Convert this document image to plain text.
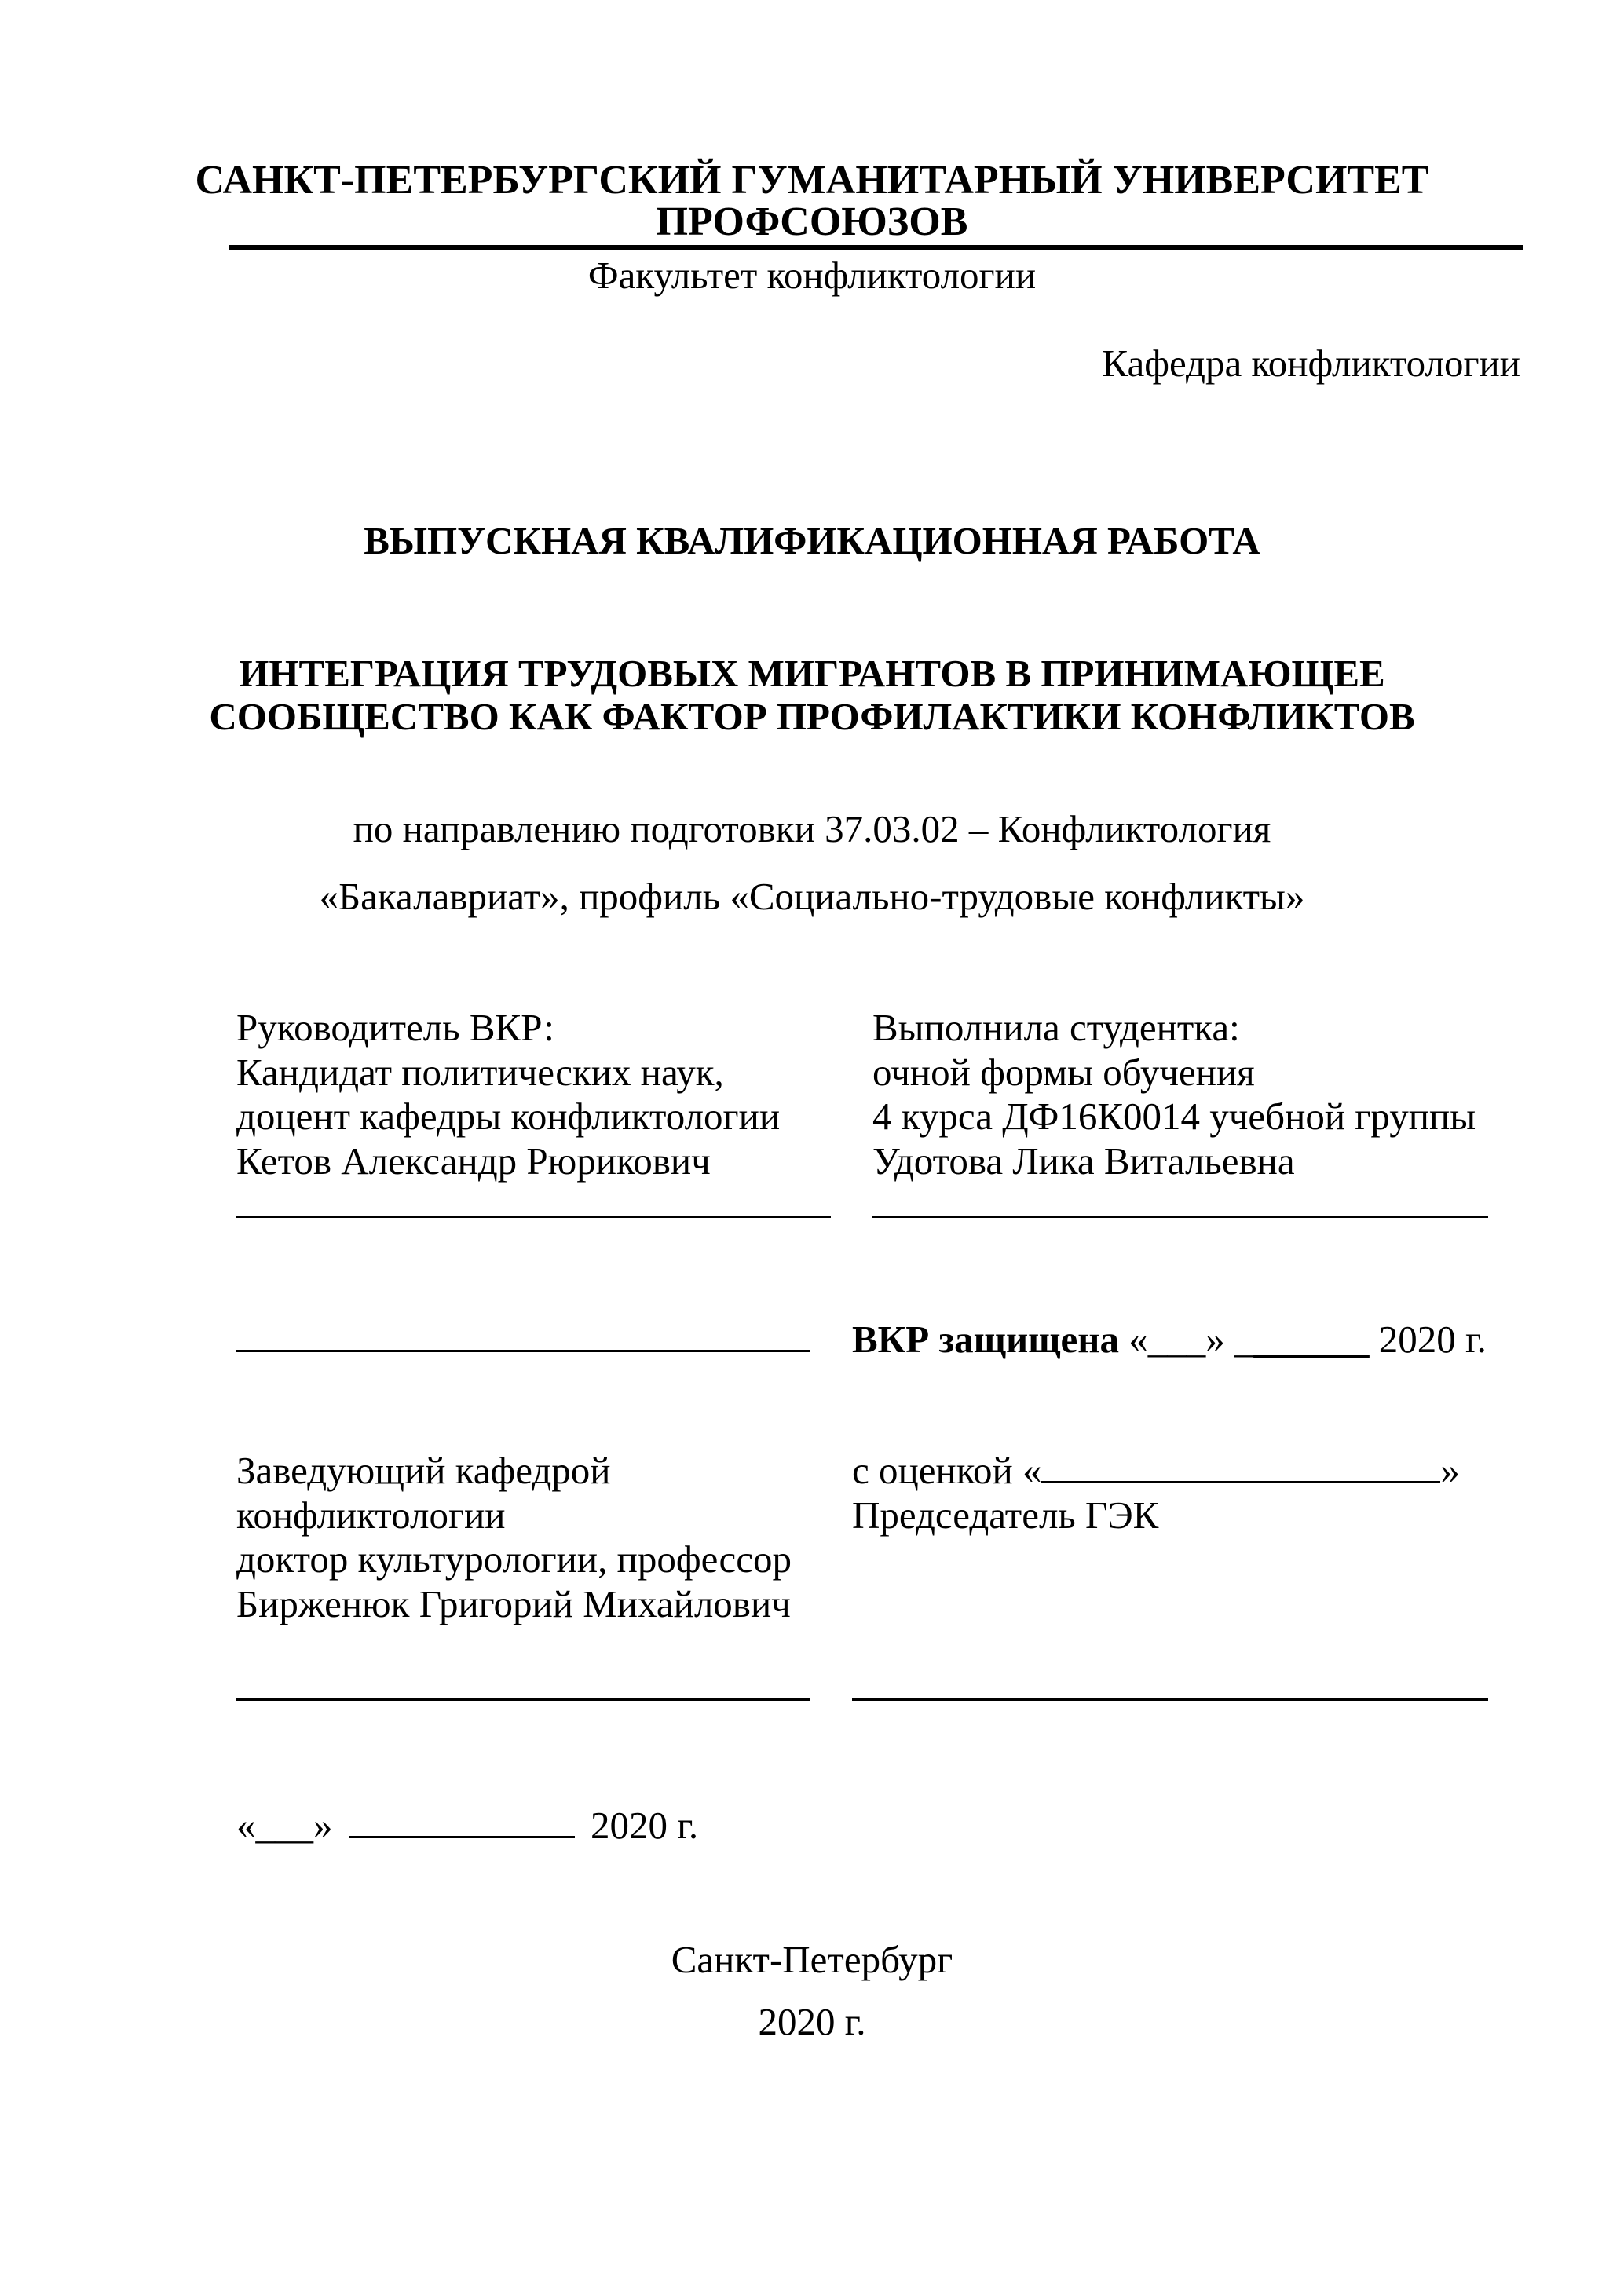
САНКТ-ПЕТЕРБУРГСКИЙ ГУМАНИТАРНЫЙ УНИВЕРСИТЕТ
ПРОФСОЮЗОВ
Факультет конфликтологии
Кафедра конфликтологии
ВЫПУСКНАЯ КВАЛИФИКАЦИОННАЯ РАБОТА
ИНТЕГРАЦИЯ ТРУДОВЫХ МИГРАНТОВ В ПРИНИМАЮЩЕЕ
СООБЩЕСТВО КАК ФАКТОР ПРОФИЛАКТИКИ КОНФЛИКТОВ
по направлению подготовки 37.03.02 – Конфликтология
«Бакалавриат», профиль «Социально-трудовые конфликты»
Руководитель ВКР:
Кандидат политических наук,
доцент кафедры конфликтологии
Кетов Александр Рюрикович
Выполнила студентка:
очной формы обучения
4 курса ДФ16К0014 учебной группы
Удотова Лика Витальевна
ВКР защищена «___» _______ 2020 г.
Заведующий кафедрой
конфликтологии
доктор культурологии, профессор
Бирженюк Григорий Михайлович
с оценкой «	»
Председатель ГЭК
«___»	2020 г.
Санкт-Петербург
2020 г.
